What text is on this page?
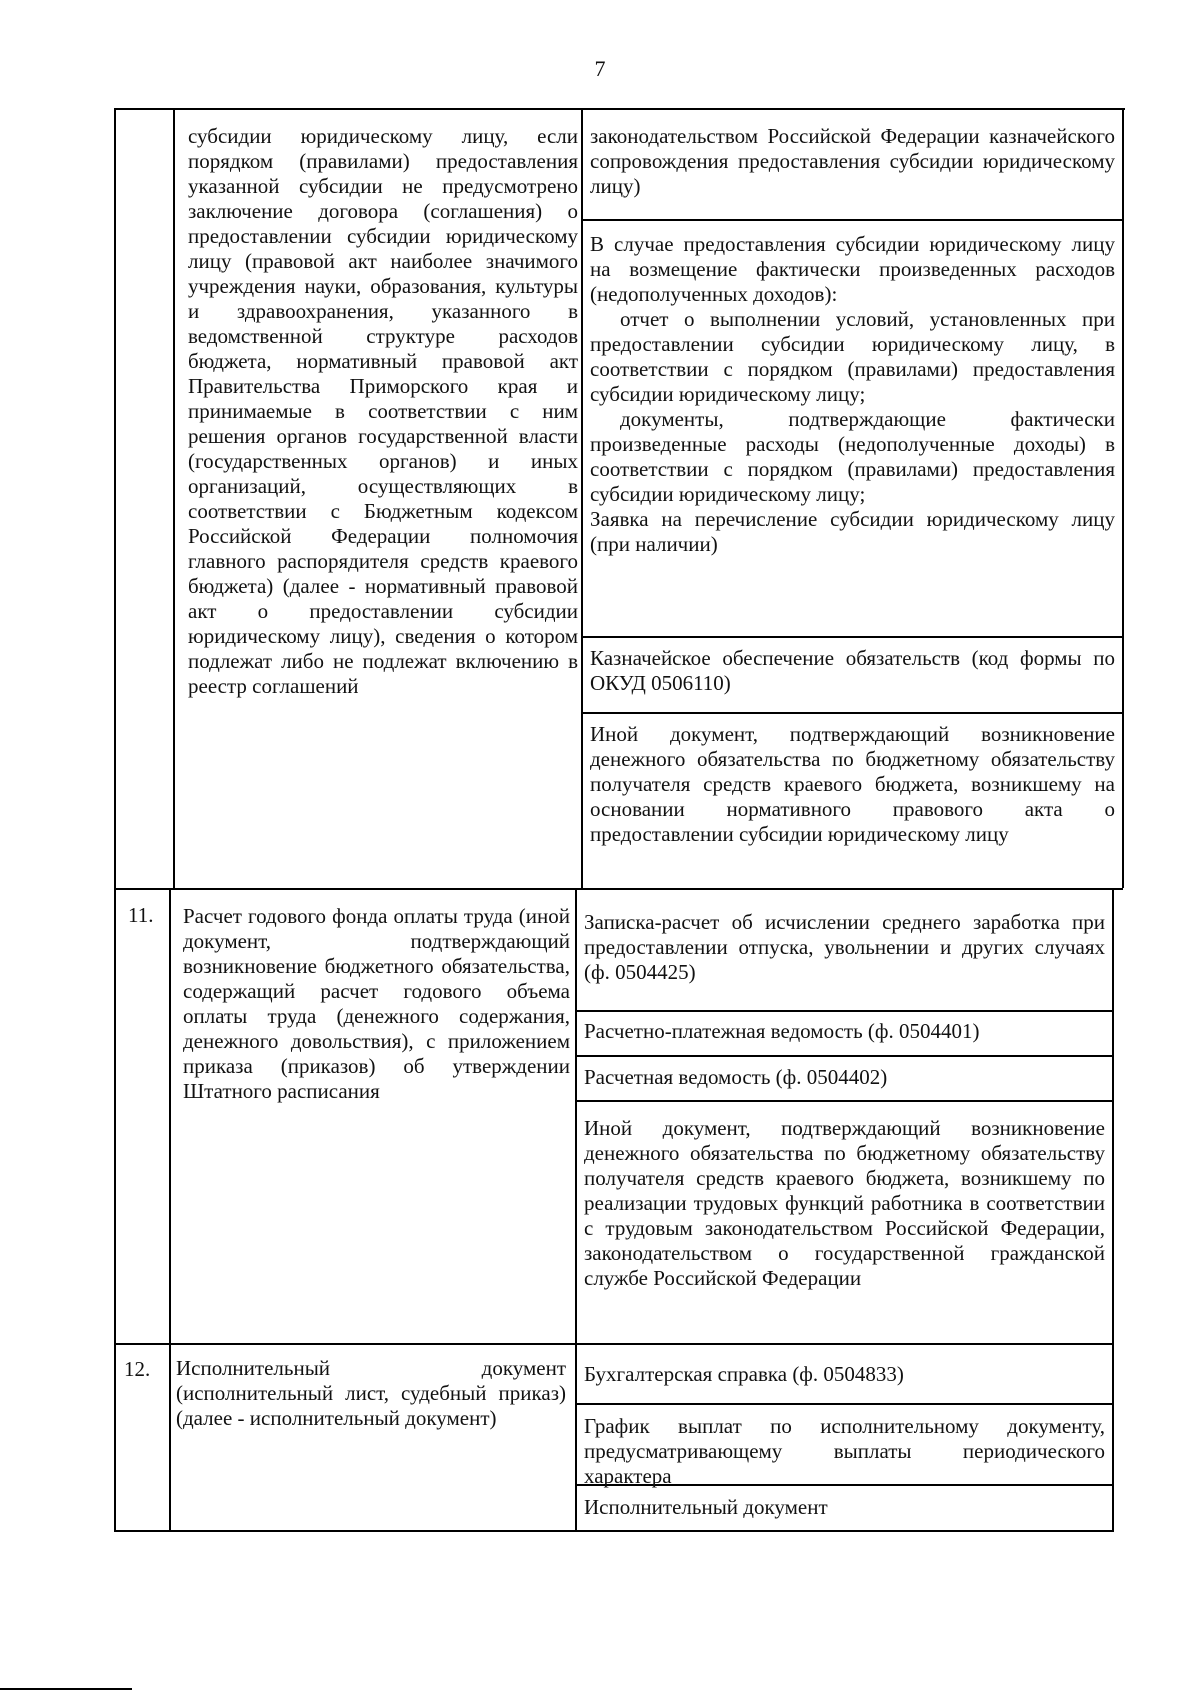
7

субсидии юридическому лицу, если порядком (правилами) предоставления указанной субсидии не предусмотрено заключение договора (соглашения) о предоставлении субсидии юридическому лицу (правовой акт наиболее значимого учреждения науки, образования, культуры и здравоохранения, указанного в ведомственной структуре расходов бюджета, нормативный правовой акт Правительства Приморского края и принимаемые в соответствии с ним решения органов государственной власти (государственных органов) и иных организаций, осуществляющих в соответствии с Бюджетным кодексом Российской Федерации полномочия главного распорядителя средств краевого бюджета) (далее - нормативный правовой акт о предоставлении субсидии юридическому лицу), сведения о котором подлежат либо не подлежат включению в реестр соглашений

законодательством Российской Федерации казначейского сопровождения предоставления субсидии юридическому лицу)

В случае предоставления субсидии юридическому лицу на возмещение фактически произведенных расходов (недополученных доходов):

отчет о выполнении условий, установленных при предоставлении субсидии юридическому лицу, в соответствии с порядком (правилами) предоставления субсидии юридическому лицу;

документы, подтверждающие фактически произведенные расходы (недополученные доходы) в соответствии с порядком (правилами) предоставления субсидии юридическому лицу;

Заявка на перечисление субсидии юридическому лицу (при наличии)

Казначейское обеспечение обязательств (код формы по ОКУД 0506110)

Иной документ, подтверждающий возникновение денежного обязательства по бюджетному обязательству получателя средств краевого бюджета, возникшему на основании нормативного правового акта о предоставлении субсидии юридическому лицу

11. Расчет годового фонда оплаты труда (иной документ, подтверждающий возникновение бюджетного обязательства, содержащий расчет годового объема оплаты труда (денежного содержания, денежного довольствия), с приложением приказа (приказов) об утверждении Штатного расписания

Записка-расчет об исчислении среднего заработка при предоставлении отпуска, увольнении и других случаях (ф. 0504425)

Расчетно-платежная ведомость (ф. 0504401)

Расчетная ведомость (ф. 0504402)

Иной документ, подтверждающий возникновение денежного обязательства по бюджетному обязательству получателя средств краевого бюджета, возникшему по реализации трудовых функций работника в соответствии с трудовым законодательством Российской Федерации, законодательством о государственной гражданской службе Российской Федерации

12. Исполнительный документ (исполнительный лист, судебный приказ) (далее - исполнительный документ)

Бухгалтерская справка (ф. 0504833)

График выплат по исполнительному документу, предусматривающему выплаты периодического характера

Исполнительный документ
